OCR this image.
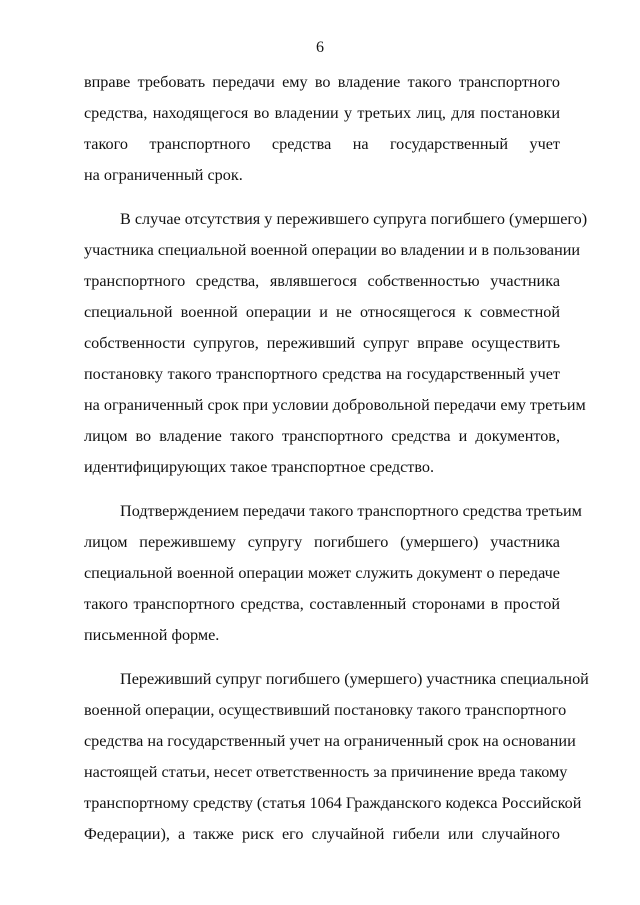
6
вправе требовать передачи ему во владение такого транспортного
средства, находящегося во владении у третьих лиц, для постановки
такого транспортного средства на государственный учет
на ограниченный срок.
В случае отсутствия у пережившего супруга погибшего (умершего)
участника специальной военной операции во владении и в пользовании
транспортного средства, являвшегося собственностью участника
специальной военной операции и не относящегося к совместной
собственности супругов, переживший супруг вправе осуществить
постановку такого транспортного средства на государственный учет
на ограниченный срок при условии добровольной передачи ему третьим
лицом во владение такого транспортного средства и документов,
идентифицирующих такое транспортное средство.
Подтверждением передачи такого транспортного средства третьим
лицом пережившему супругу погибшего (умершего) участника
специальной военной операции может служить документ о передаче
такого транспортного средства, составленный сторонами в простой
письменной форме.
Переживший супруг погибшего (умершего) участника специальной
военной операции, осуществивший постановку такого транспортного
средства на государственный учет на ограниченный срок на основании
настоящей статьи, несет ответственность за причинение вреда такому
транспортному средству (статья 1064 Гражданского кодекса Российской
Федерации), а также риск его случайной гибели или случайного
